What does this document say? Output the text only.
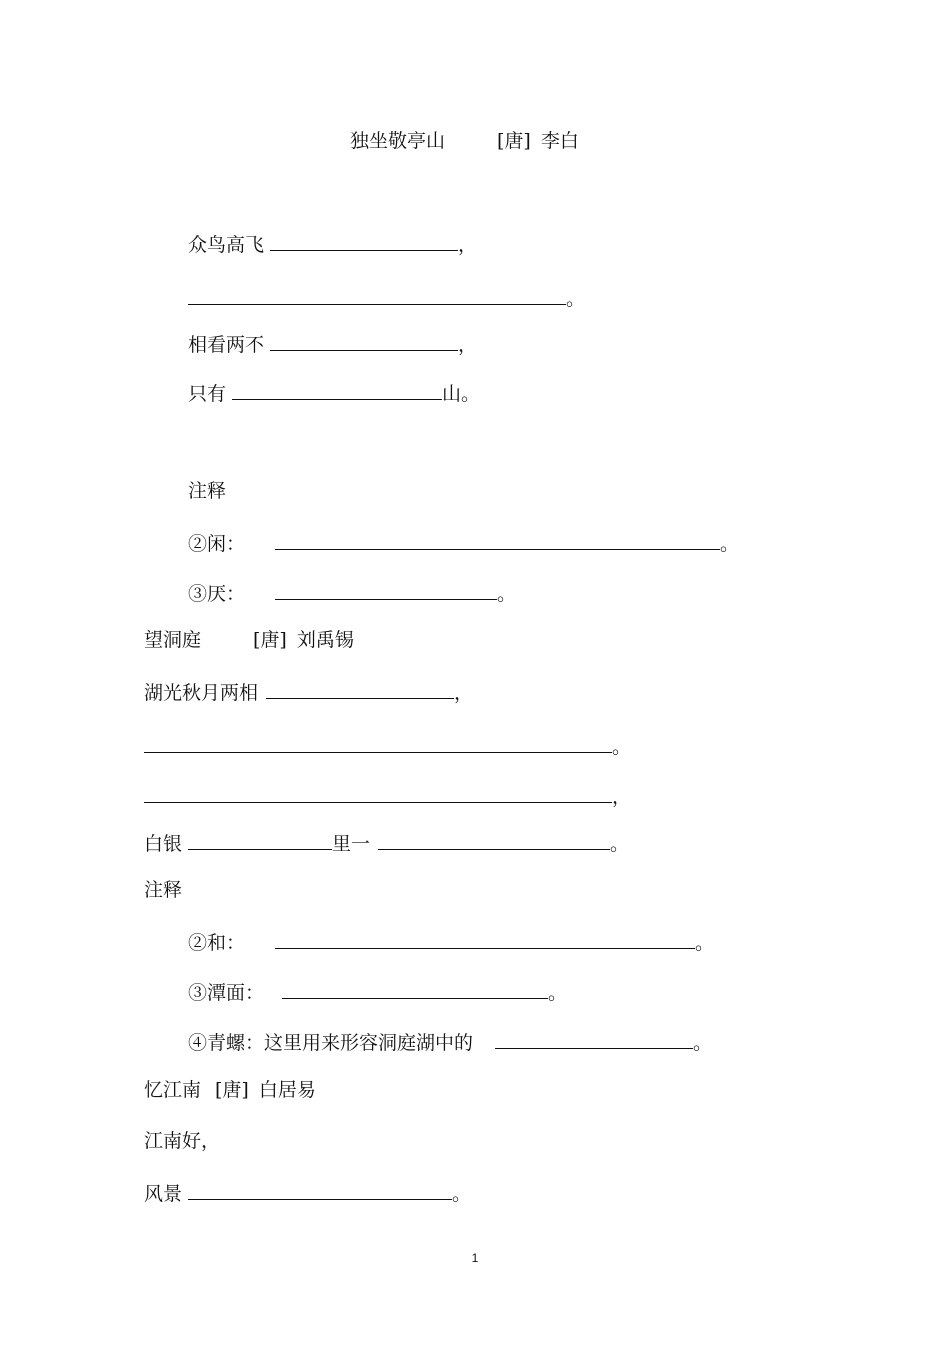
独坐敬亭山	[唐] 李白
众鸟高飞	，
。
相看两不	，
只有	山。
注释
②闲：	。
③厌：	。
望洞庭	[唐] 刘禹锡
湖光秋月两相	，
。
，
白银	里一	。
注释
②和：	。
③潭面：	。
④青螺：这里用来形容洞庭湖中的	。
忆江南 [唐] 白居易
江南好，
风景	。
1
